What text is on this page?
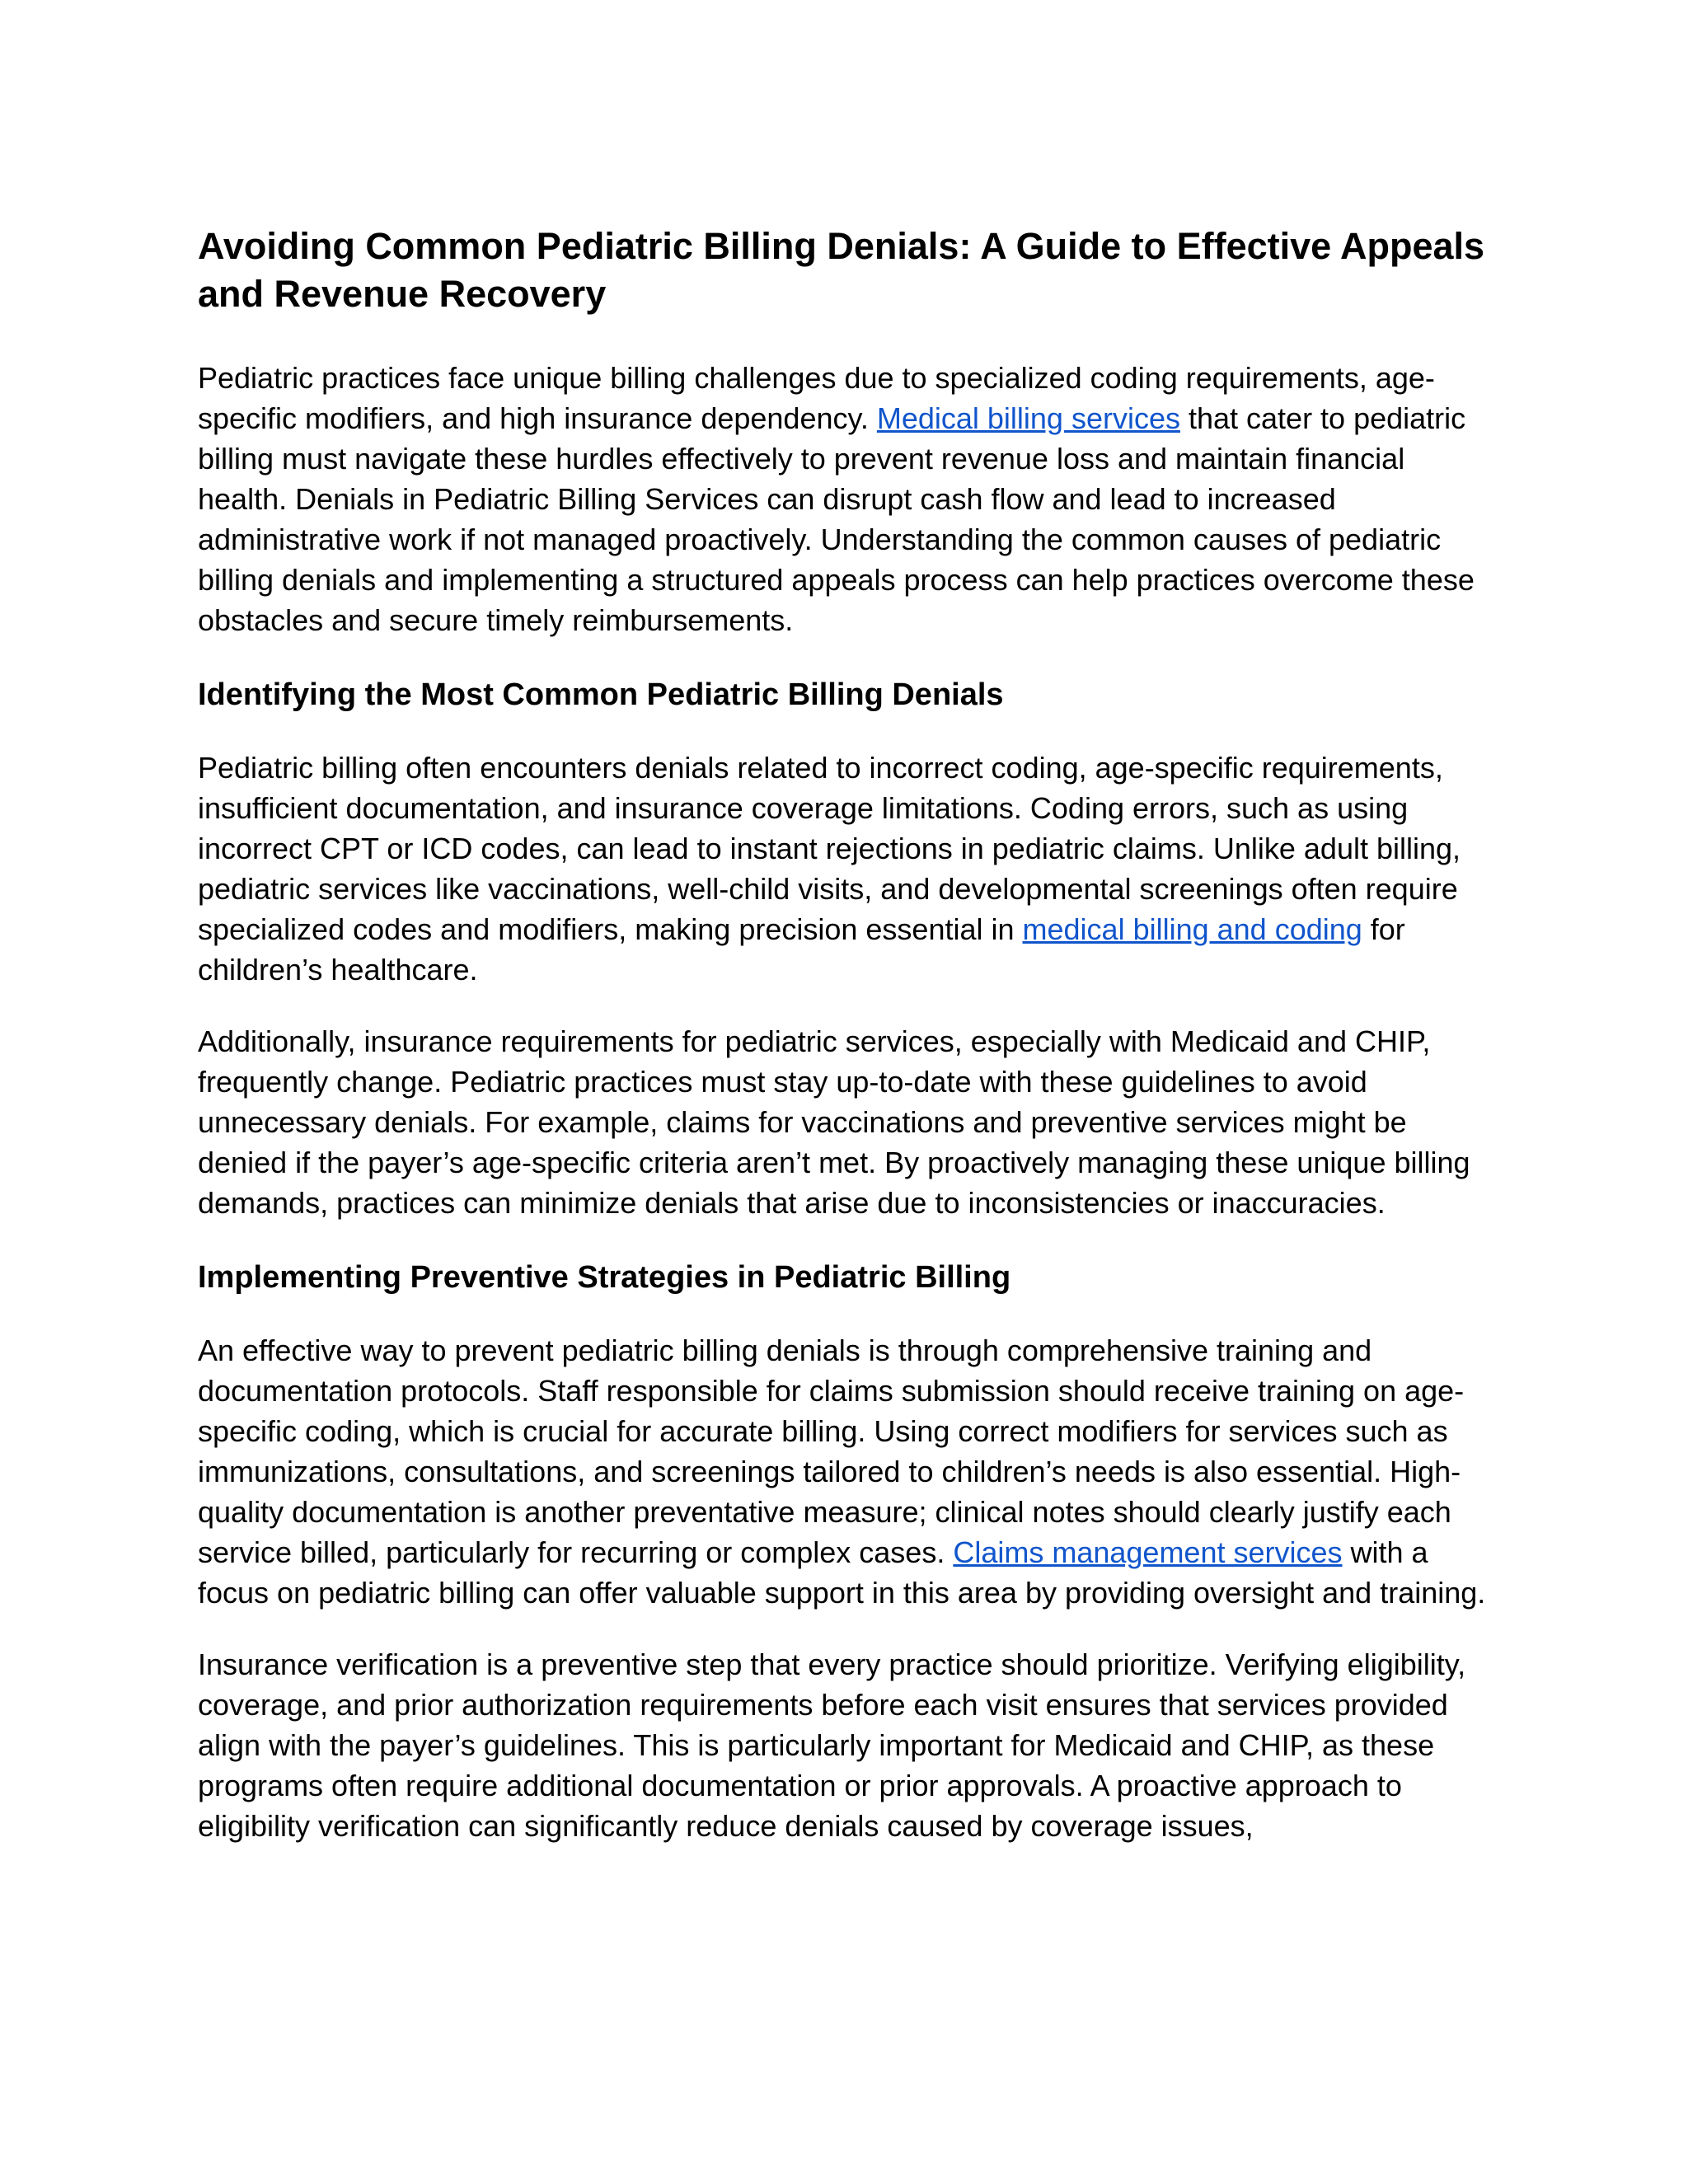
Avoiding Common Pediatric Billing Denials: A Guide to Effective Appeals and Revenue Recovery

Pediatric practices face unique billing challenges due to specialized coding requirements, age-specific modifiers, and high insurance dependency. Medical billing services that cater to pediatric billing must navigate these hurdles effectively to prevent revenue loss and maintain financial health. Denials in Pediatric Billing Services can disrupt cash flow and lead to increased administrative work if not managed proactively. Understanding the common causes of pediatric billing denials and implementing a structured appeals process can help practices overcome these obstacles and secure timely reimbursements.

Identifying the Most Common Pediatric Billing Denials

Pediatric billing often encounters denials related to incorrect coding, age-specific requirements, insufficient documentation, and insurance coverage limitations. Coding errors, such as using incorrect CPT or ICD codes, can lead to instant rejections in pediatric claims. Unlike adult billing, pediatric services like vaccinations, well-child visits, and developmental screenings often require specialized codes and modifiers, making precision essential in medical billing and coding for children’s healthcare.

Additionally, insurance requirements for pediatric services, especially with Medicaid and CHIP, frequently change. Pediatric practices must stay up-to-date with these guidelines to avoid unnecessary denials. For example, claims for vaccinations and preventive services might be denied if the payer’s age-specific criteria aren’t met. By proactively managing these unique billing demands, practices can minimize denials that arise due to inconsistencies or inaccuracies.

Implementing Preventive Strategies in Pediatric Billing

An effective way to prevent pediatric billing denials is through comprehensive training and documentation protocols. Staff responsible for claims submission should receive training on age-specific coding, which is crucial for accurate billing. Using correct modifiers for services such as immunizations, consultations, and screenings tailored to children’s needs is also essential. High-quality documentation is another preventative measure; clinical notes should clearly justify each service billed, particularly for recurring or complex cases. Claims management services with a focus on pediatric billing can offer valuable support in this area by providing oversight and training.

Insurance verification is a preventive step that every practice should prioritize. Verifying eligibility, coverage, and prior authorization requirements before each visit ensures that services provided align with the payer’s guidelines. This is particularly important for Medicaid and CHIP, as these programs often require additional documentation or prior approvals. A proactive approach to eligibility verification can significantly reduce denials caused by coverage issues,
